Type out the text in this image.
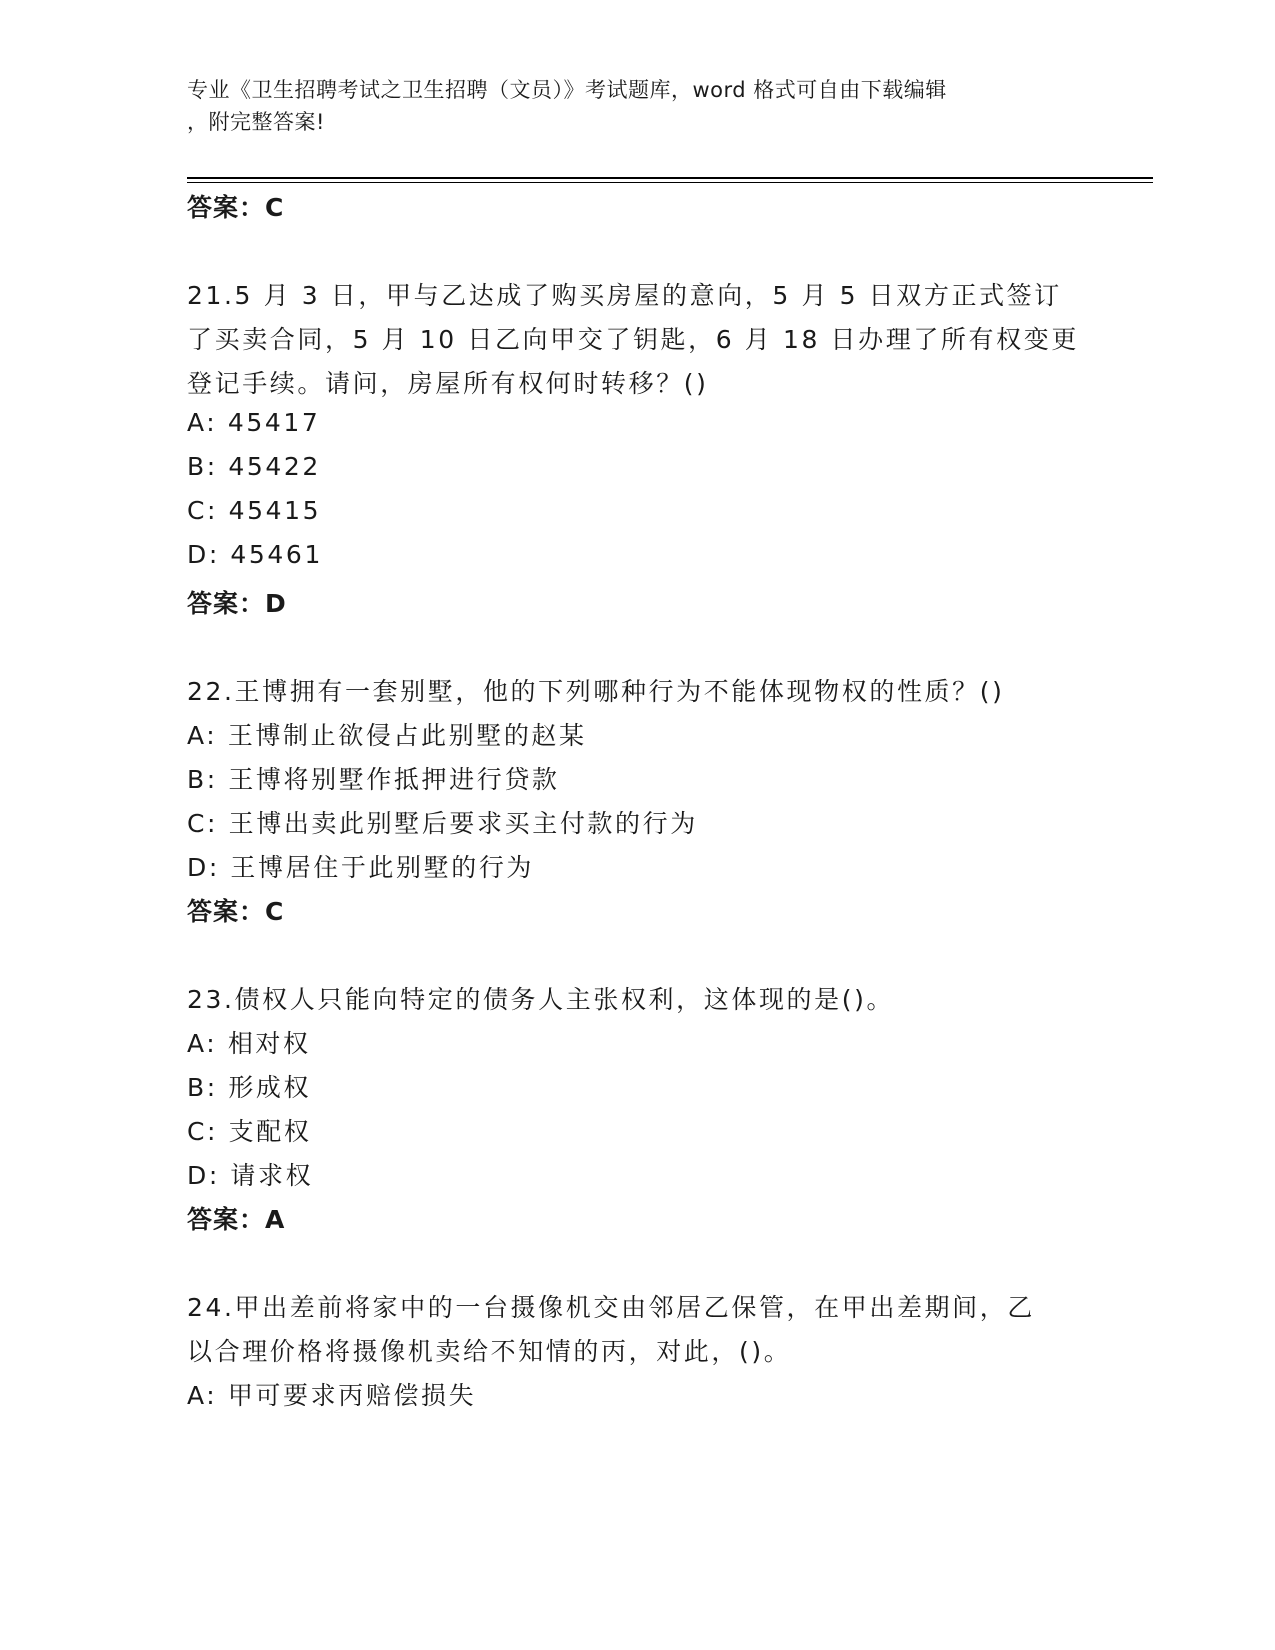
专业《卫生招聘考试之卫生招聘（文员）》考试题库，word 格式可自由下载编辑
，附完整答案!
答案：C
21.5 月 3 日，甲与乙达成了购买房屋的意向，5 月 5 日双方正式签订
了买卖合同，5 月 10 日乙向甲交了钥匙，6 月 18 日办理了所有权变更
登记手续。请问，房屋所有权何时转移？()
A: 45417
B: 45422
C: 45415
D: 45461
答案：D
22.王博拥有一套别墅，他的下列哪种行为不能体现物权的性质？()
A: 王博制止欲侵占此别墅的赵某
B: 王博将别墅作抵押进行贷款
C: 王博出卖此别墅后要求买主付款的行为
D: 王博居住于此别墅的行为
答案：C
23.债权人只能向特定的债务人主张权利，这体现的是()。
A: 相对权
B: 形成权
C: 支配权
D: 请求权
答案：A
24.甲出差前将家中的一台摄像机交由邻居乙保管，在甲出差期间，乙
以合理价格将摄像机卖给不知情的丙，对此，()。
A: 甲可要求丙赔偿损失
